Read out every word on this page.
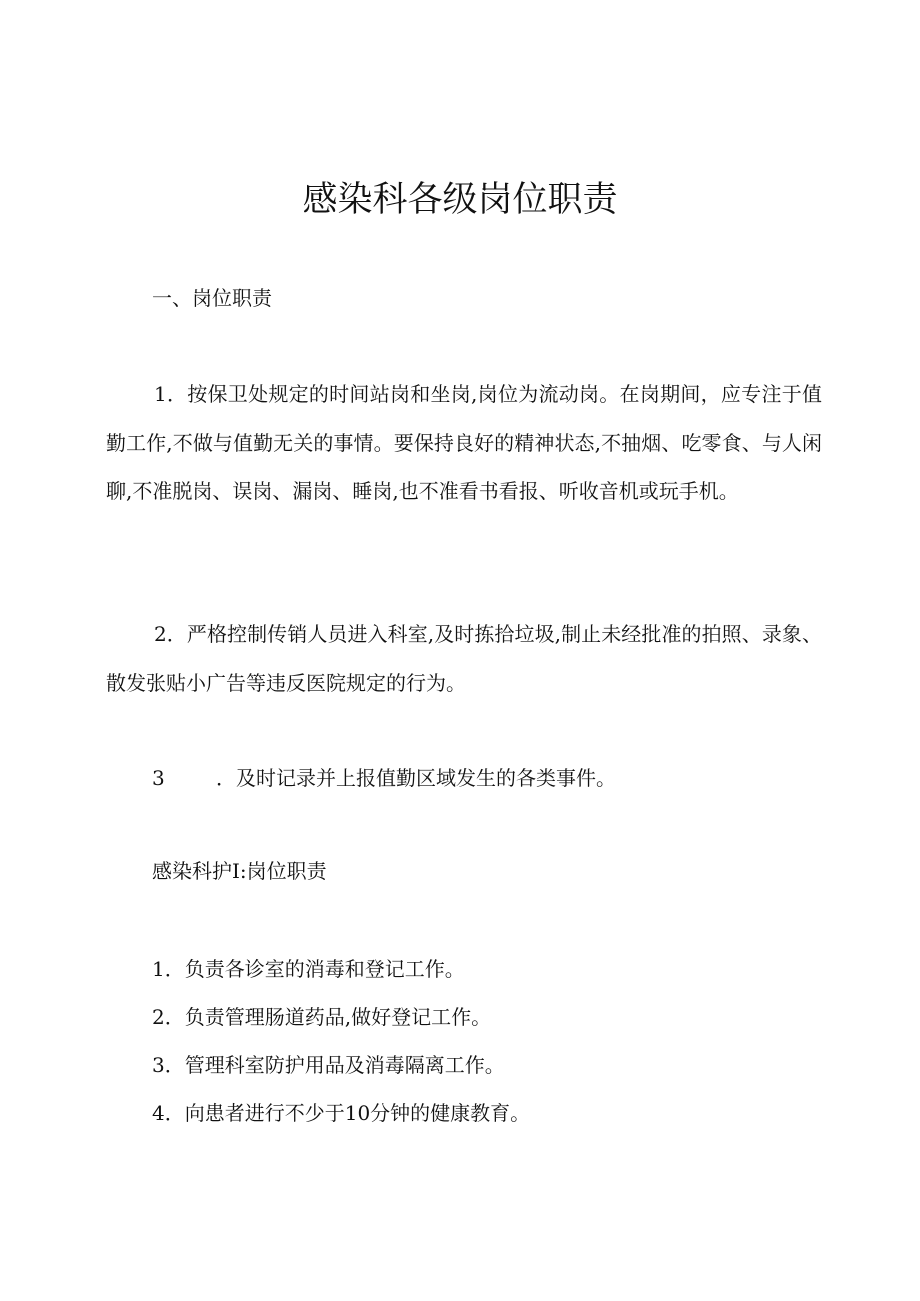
感染科各级岗位职责
一、岗位职责
1．按保卫处规定的时间站岗和坐岗,岗位为流动岗。在岗期间，应专注于值勤工作,不做与值勤无关的事情。要保持良好的精神状态,不抽烟、吃零食、与人闲聊,不准脱岗、误岗、漏岗、睡岗,也不准看书看报、听收音机或玩手机。
2．严格控制传销人员进入科室,及时拣拾垃圾,制止未经批准的拍照、录象、散发张贴小广告等违反医院规定的行为。
3	．及时记录并上报值勤区域发生的各类事件。
感染科护I:岗位职责
1．负责各诊室的消毒和登记工作。
2．负责管理肠道药品,做好登记工作。
3．管理科室防护用品及消毒隔离工作。
4．向患者进行不少于10分钟的健康教育。
